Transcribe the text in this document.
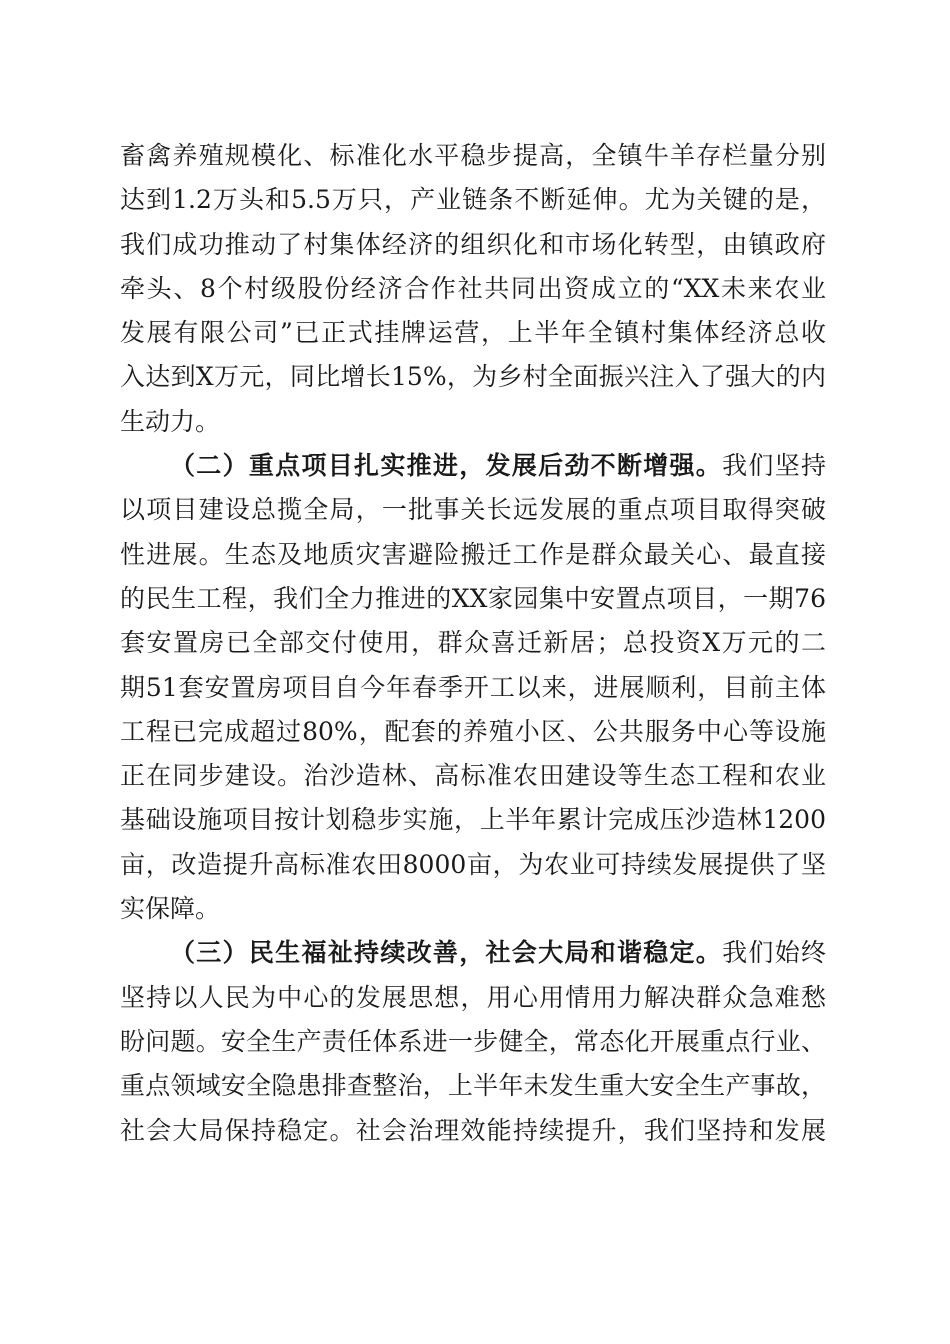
畜禽养殖规模化、标准化水平稳步提高，全镇牛羊存栏量分别
达到1.2万头和5.5万只，产业链条不断延伸。尤为关键的是，
我们成功推动了村集体经济的组织化和市场化转型，由镇政府
牵头、8个村级股份经济合作社共同出资成立的“XX未来农业
发展有限公司”已正式挂牌运营，上半年全镇村集体经济总收
入达到X万元，同比增长15%，为乡村全面振兴注入了强大的内
生动力。
（二）重点项目扎实推进，发展后劲不断增强。我们坚持
以项目建设总揽全局，一批事关长远发展的重点项目取得突破
性进展。生态及地质灾害避险搬迁工作是群众最关心、最直接
的民生工程，我们全力推进的XX家园集中安置点项目，一期76
套安置房已全部交付使用，群众喜迁新居；总投资X万元的二
期51套安置房项目自今年春季开工以来，进展顺利，目前主体
工程已完成超过80%，配套的养殖小区、公共服务中心等设施
正在同步建设。治沙造林、高标准农田建设等生态工程和农业
基础设施项目按计划稳步实施，上半年累计完成压沙造林1200
亩，改造提升高标准农田8000亩，为农业可持续发展提供了坚
实保障。
（三）民生福祉持续改善，社会大局和谐稳定。我们始终
坚持以人民为中心的发展思想，用心用情用力解决群众急难愁
盼问题。安全生产责任体系进一步健全，常态化开展重点行业、
重点领域安全隐患排查整治，上半年未发生重大安全生产事故，
社会大局保持稳定。社会治理效能持续提升，我们坚持和发展
